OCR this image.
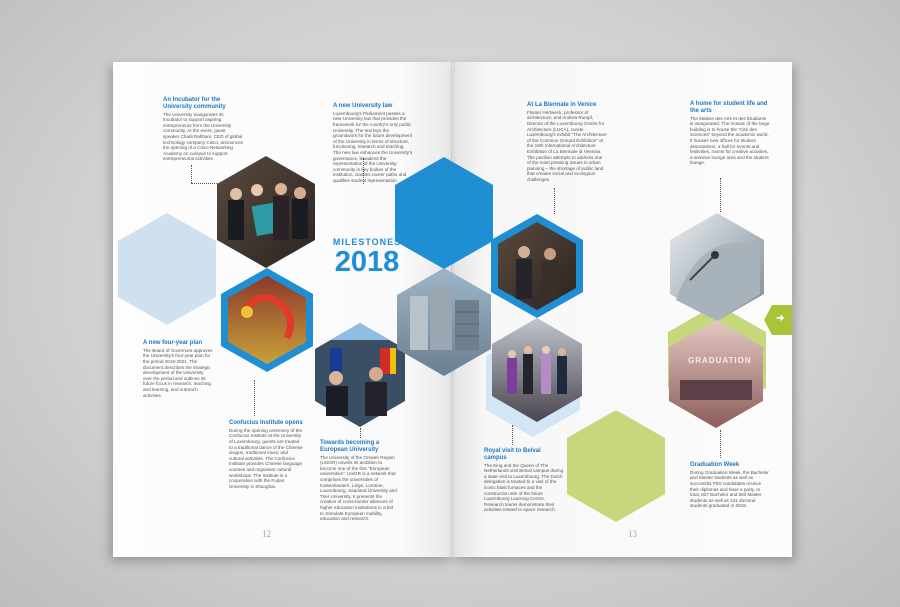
➜
GRADUATION
MILESTONES
2018
An Incubator for the University community
The University inaugurates its Incubator to support aspiring entrepreneurs from the University community. At the event, guest speaker Chadi Rahbani, CEO of global technology company Cisco, announces the opening of a Cisco Networking Academy on campus to support entrepreneurial activities.
A new four-year plan
The Board of Governors approves the University's four-year plan for the period 2018-2021. The document describes the strategic development of the University over the period and outlines its future focus in research, teaching and learning, and outreach activities.
Confucius Institute opens
During the opening ceremony of the Confucius Institute at the University of Luxembourg, guests are treated to a traditional dance of the Chinese dragon, traditional music and cultural activities. The Confucius Institute provides Chinese language courses and organises cultural workshops. The Institute is a cooperation with the Fudan University in Shanghai.
A new University law
Luxembourg's Parliament passes a new University law that provides the framework for the country's only public University. The text lays the groundwork for the future development of the University in terms of structure, functioning, research and teaching. The new law enhances the University's governance, broadens the representation of the University community in key bodies of the institution, clarifies career paths and qualifies student representation.
Towards becoming a European University
The University of the Greater Region (UniGR) unveils its ambition to become one of the first "European universities". UniGR is a network that comprises the universities of Kaiserslautern, Liège, Lorraine, Luxembourg, Saarland University and Trier University. It presents the creation of cross-border alliances of higher education institutions in a bid to stimulate European mobility, education and research.
At La Biennale in Venice
Florian Hertweck, professor of architecture, and Andrea Rumpf, Director of the Luxembourg Centre for Architecture (LUCA), curate Luxembourg's exhibit "The Architecture of the Common Ground Exhibition" at the 16th International Architecture Exhibition of La Biennale di Venezia. The pavilion attempts to address one of the most pressing issues in urban planning – the shortage of public land that creates social and ecological challenges.
Royal visit to Belval campus
The King and the Queen of The Netherlands visit Belval campus during a state visit to Luxembourg. The Dutch delegation is treated to a visit of the iconic blast furnaces and the construction site of the future Luxembourg Learning Centre. Research teams demonstrate their activities related to space research.
A home for student life and the arts
The Maison des Arts et des Étudiants is inaugurated. The mosaic of the large building is to house the "Cité des Sciences" beyond the academic world. It houses new offices for student associations, a hall for events and festivities, rooms for creative activities, a seminar lounge area and the student lounge.
Graduation Week
During Graduation Week, the Bachelor and Master students as well as successful PhD candidates receive their diplomas and have a party. In total, 837 Bachelor and 683 Master students as well as 131 doctoral students graduated in 2018.
12	13
